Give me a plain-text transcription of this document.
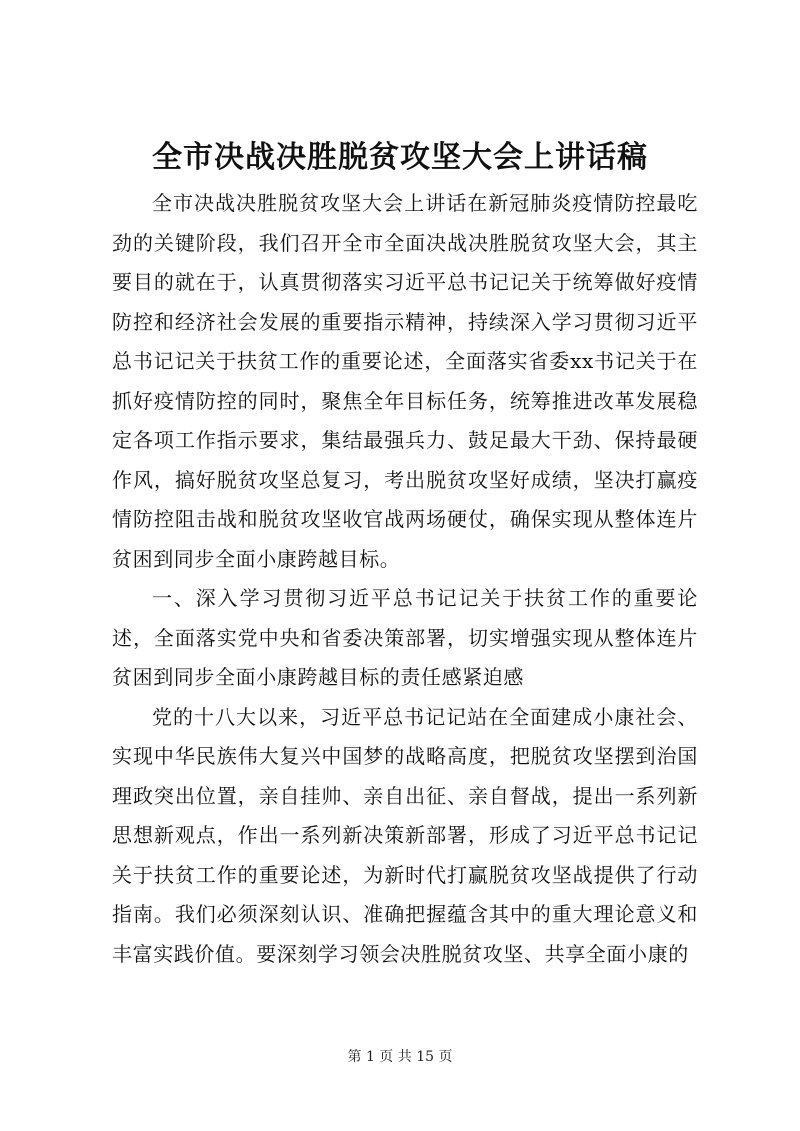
全市决战决胜脱贫攻坚大会上讲话稿

全市决战决胜脱贫攻坚大会上讲话在新冠肺炎疫情防控最吃劲的关键阶段，我们召开全市全面决战决胜脱贫攻坚大会，其主要目的就在于，认真贯彻落实习近平总书记记关于统筹做好疫情防控和经济社会发展的重要指示精神，持续深入学习贯彻习近平总书记记关于扶贫工作的重要论述，全面落实省委xx书记关于在抓好疫情防控的同时，聚焦全年目标任务，统筹推进改革发展稳定各项工作指示要求，集结最强兵力、鼓足最大干劲、保持最硬作风，搞好脱贫攻坚总复习，考出脱贫攻坚好成绩，坚决打赢疫情防控阻击战和脱贫攻坚收官战两场硬仗，确保实现从整体连片贫困到同步全面小康跨越目标。

一、深入学习贯彻习近平总书记记关于扶贫工作的重要论述，全面落实党中央和省委决策部署，切实增强实现从整体连片贫困到同步全面小康跨越目标的责任感紧迫感

党的十八大以来，习近平总书记记站在全面建成小康社会、实现中华民族伟大复兴中国梦的战略高度，把脱贫攻坚摆到治国理政突出位置，亲自挂帅、亲自出征、亲自督战，提出一系列新思想新观点，作出一系列新决策新部署，形成了习近平总书记记关于扶贫工作的重要论述，为新时代打赢脱贫攻坚战提供了行动指南。我们必须深刻认识、准确把握蕴含其中的重大理论意义和丰富实践价值。要深刻学习领会决胜脱贫攻坚、共享全面小康的

第 1 页 共 15 页
